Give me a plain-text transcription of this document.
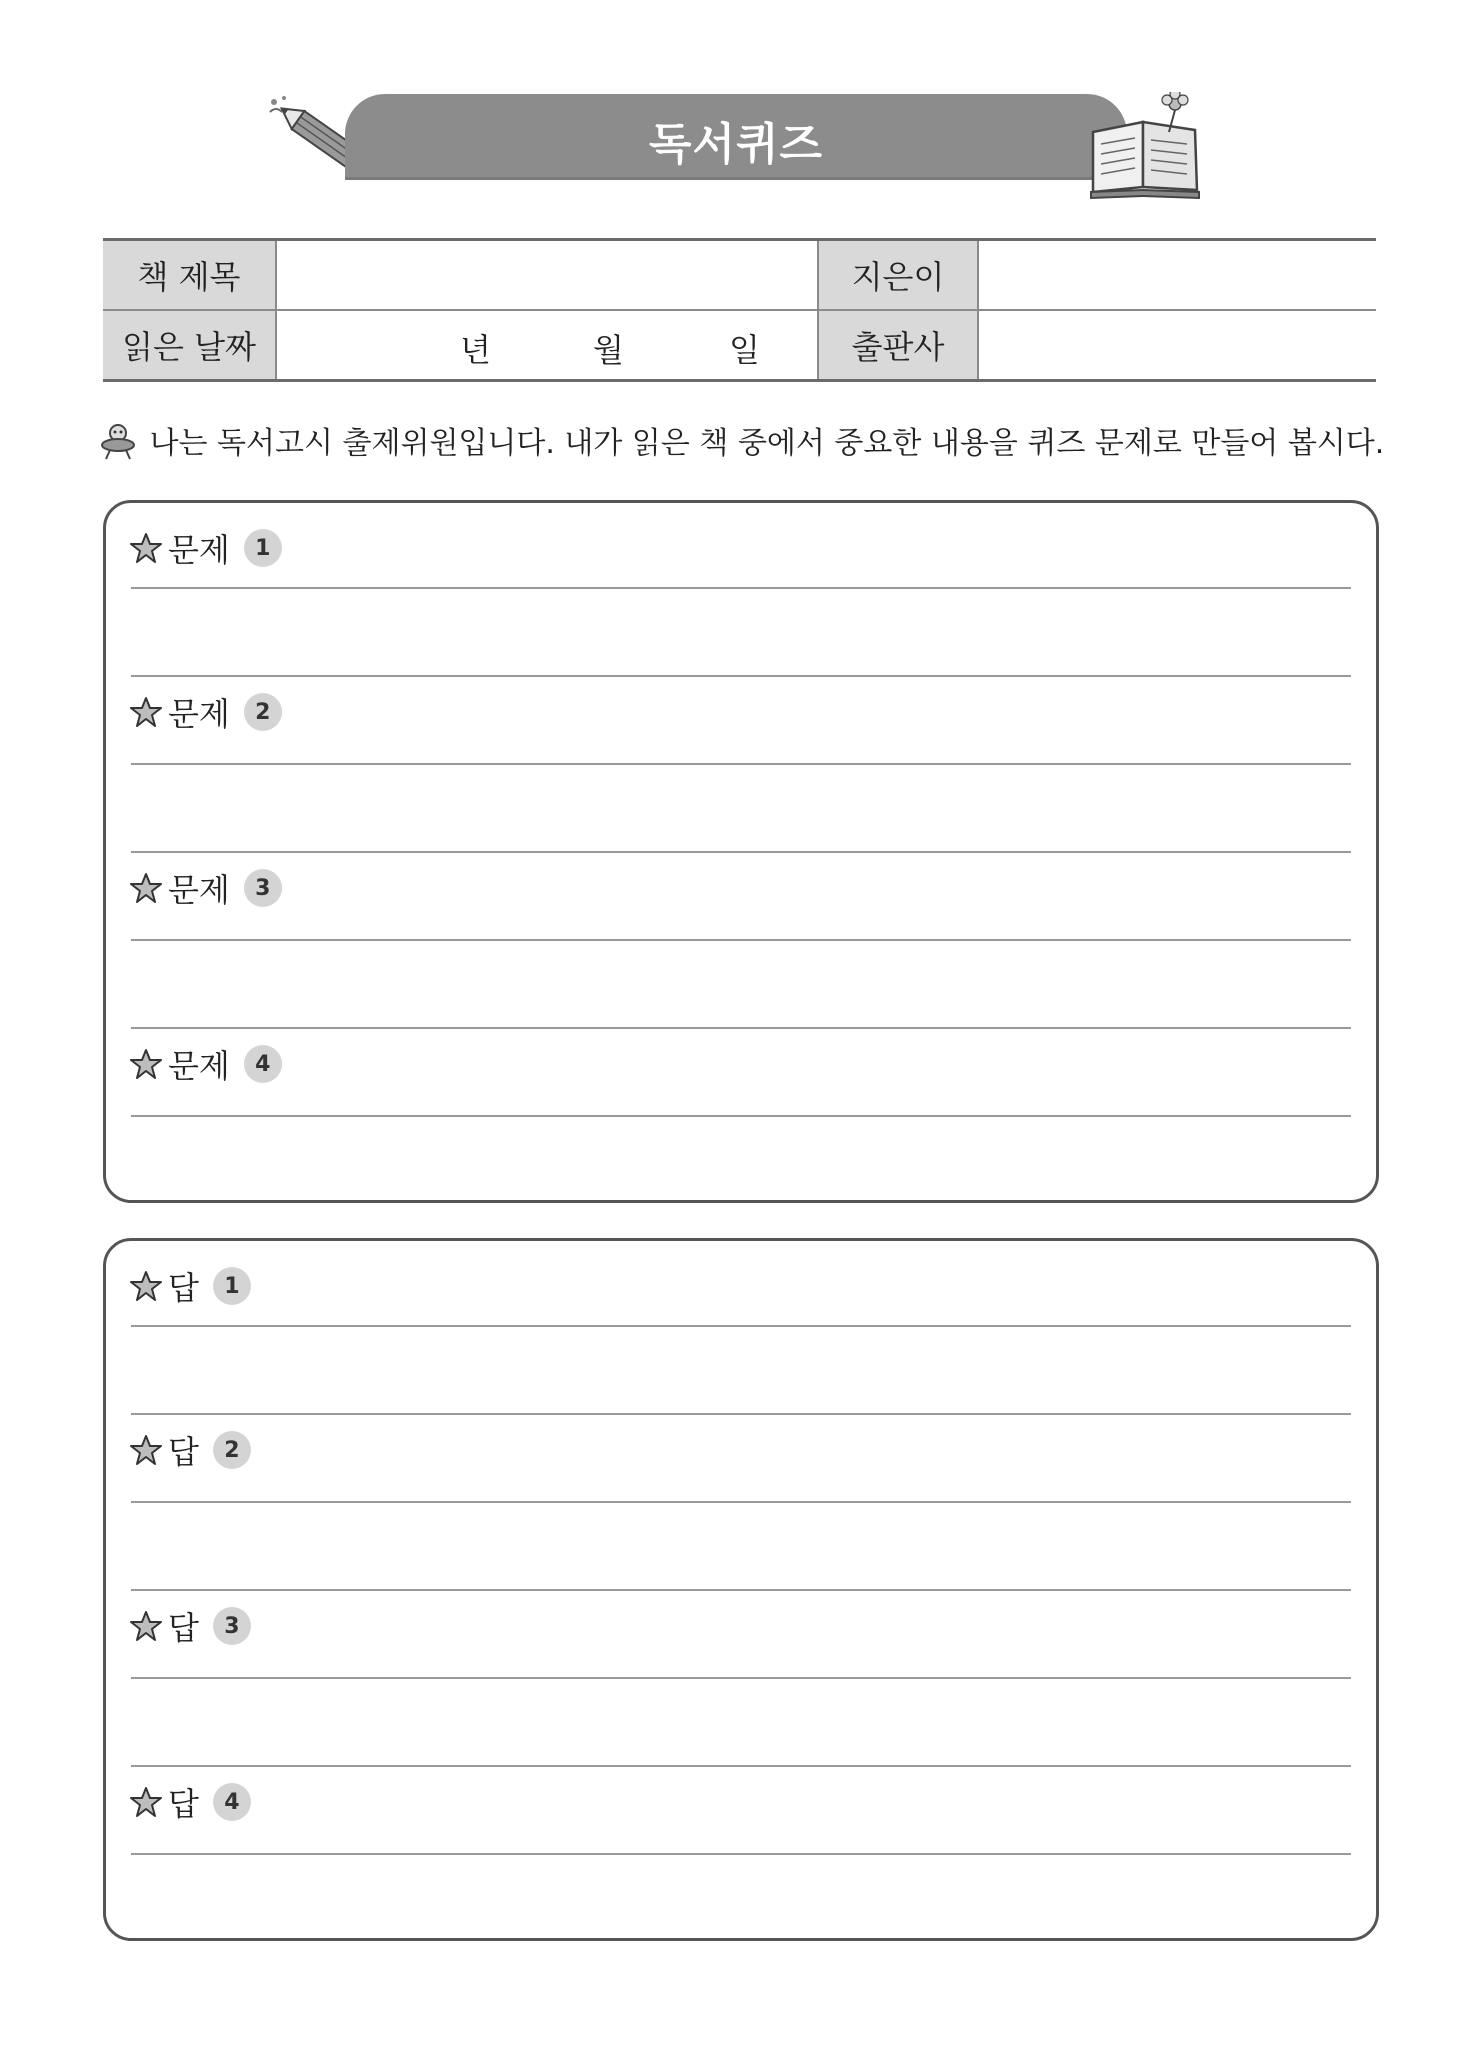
독서퀴즈
책 제목		지은이	
읽은 날짜	년 월 일	출판사	
나는 독서고시 출제위원입니다. 내가 읽은 책 중에서 중요한 내용을 퀴즈 문제로 만들어 봅시다.
문제	1
문제	2
문제	3
문제	4
답	1
답	2
답	3
답	4
